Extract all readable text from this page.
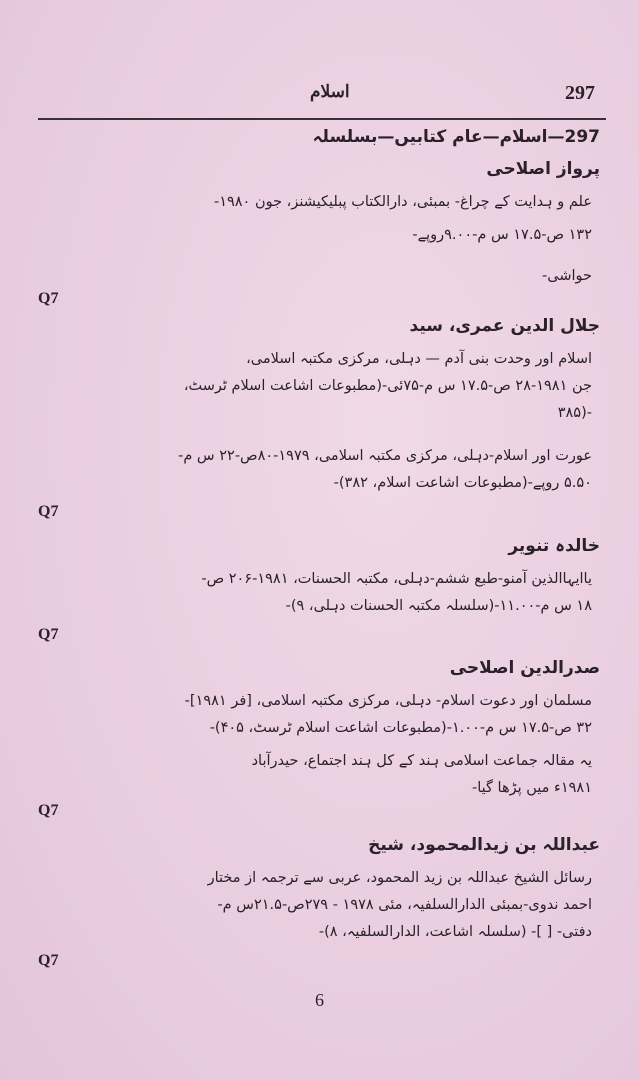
اسلام	297
297—اسلام—عام کتابیں—بسلسلہ
پرواز اصلاحی
علم و ہدایت کے چراغ- بمبئی، دارالکتاب پبلیکیشنز، جون ۱۹۸۰-
۱۳۲ ص-۱۷.۵ س م-۹.۰۰روپے-
حواشی-
Q7
جلال الدین عمری، سید
اسلام اور وحدت بنی آدم — دہلی، مرکزی مکتبہ اسلامی،
جن ۱۹۸۱-۲۸ ص-۱۷.۵ س م-۷۵ئی-(مطبوعات اشاعت اسلام ٹرسٹ،
۳۸۵)-
عورت اور اسلام-دہلی، مرکزی مکتبہ اسلامی، ۱۹۷۹-۸۰ص-۲۲ س م-
۵.۵۰ روپے-(مطبوعات اشاعت اسلام، ۳۸۲)-
Q7
خالدہ تنویر
یاایہاالذین آمنو-طبع ششم-دہلی، مکتبہ الحسنات، ۱۹۸۱-۲۰۶ ص-
۱۸ س م-۱۱.۰۰-(سلسلہ مکتبہ الحسنات دہلی، ۹)-
Q7
صدرالدین اصلاحی
مسلمان اور دعوت اسلام- دہلی، مرکزی مکتبہ اسلامی، [فر ۱۹۸۱]-
۳۲ ص-۱۷.۵ س م-۱.۰۰-(مطبوعات اشاعت اسلام ٹرسٹ، ۴۰۵)-
یہ مقالہ جماعت اسلامی ہند کے کل ہند اجتماع، حیدرآباد
۱۹۸۱ء میں پڑھا گیا-
Q7
عبداللہ بن زیدالمحمود، شیخ
رسائل الشیخ عبداللہ بن زید المحمود، عربی سے ترجمہ از مختار
احمد ندوی-بمبئی الدارالسلفیہ، مئی ۱۹۷۸ - ۲۷۹ص-۲۱.۵س م-
دفتی- [ ]- (سلسلہ اشاعت، الدارالسلفیہ، ۸)-
Q7
6
